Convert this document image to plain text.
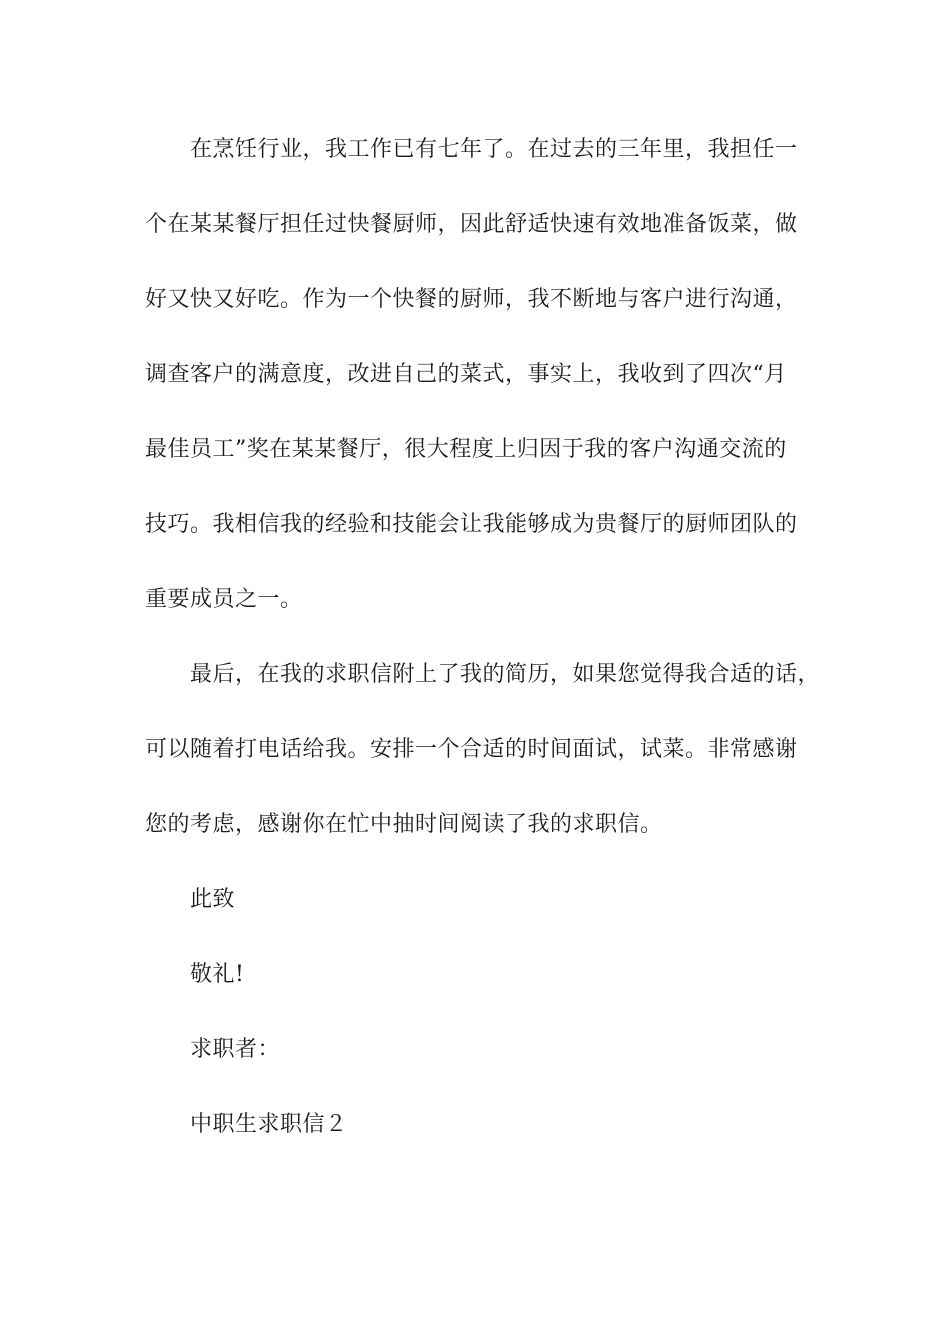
在烹饪行业，我工作已有七年了。在过去的三年里，我担任一
个在某某餐厅担任过快餐厨师，因此舒适快速有效地准备饭菜，做
好又快又好吃。作为一个快餐的厨师，我不断地与客户进行沟通，
调查客户的满意度，改进自己的菜式，事实上，我收到了四次“月
最佳员工”奖在某某餐厅，很大程度上归因于我的客户沟通交流的
技巧。我相信我的经验和技能会让我能够成为贵餐厅的厨师团队的
重要成员之一。
最后，在我的求职信附上了我的简历，如果您觉得我合适的话，
可以随着打电话给我。安排一个合适的时间面试，试菜。非常感谢
您的考虑，感谢你在忙中抽时间阅读了我的求职信。
此致
敬礼!
求职者：
中职生求职信２
